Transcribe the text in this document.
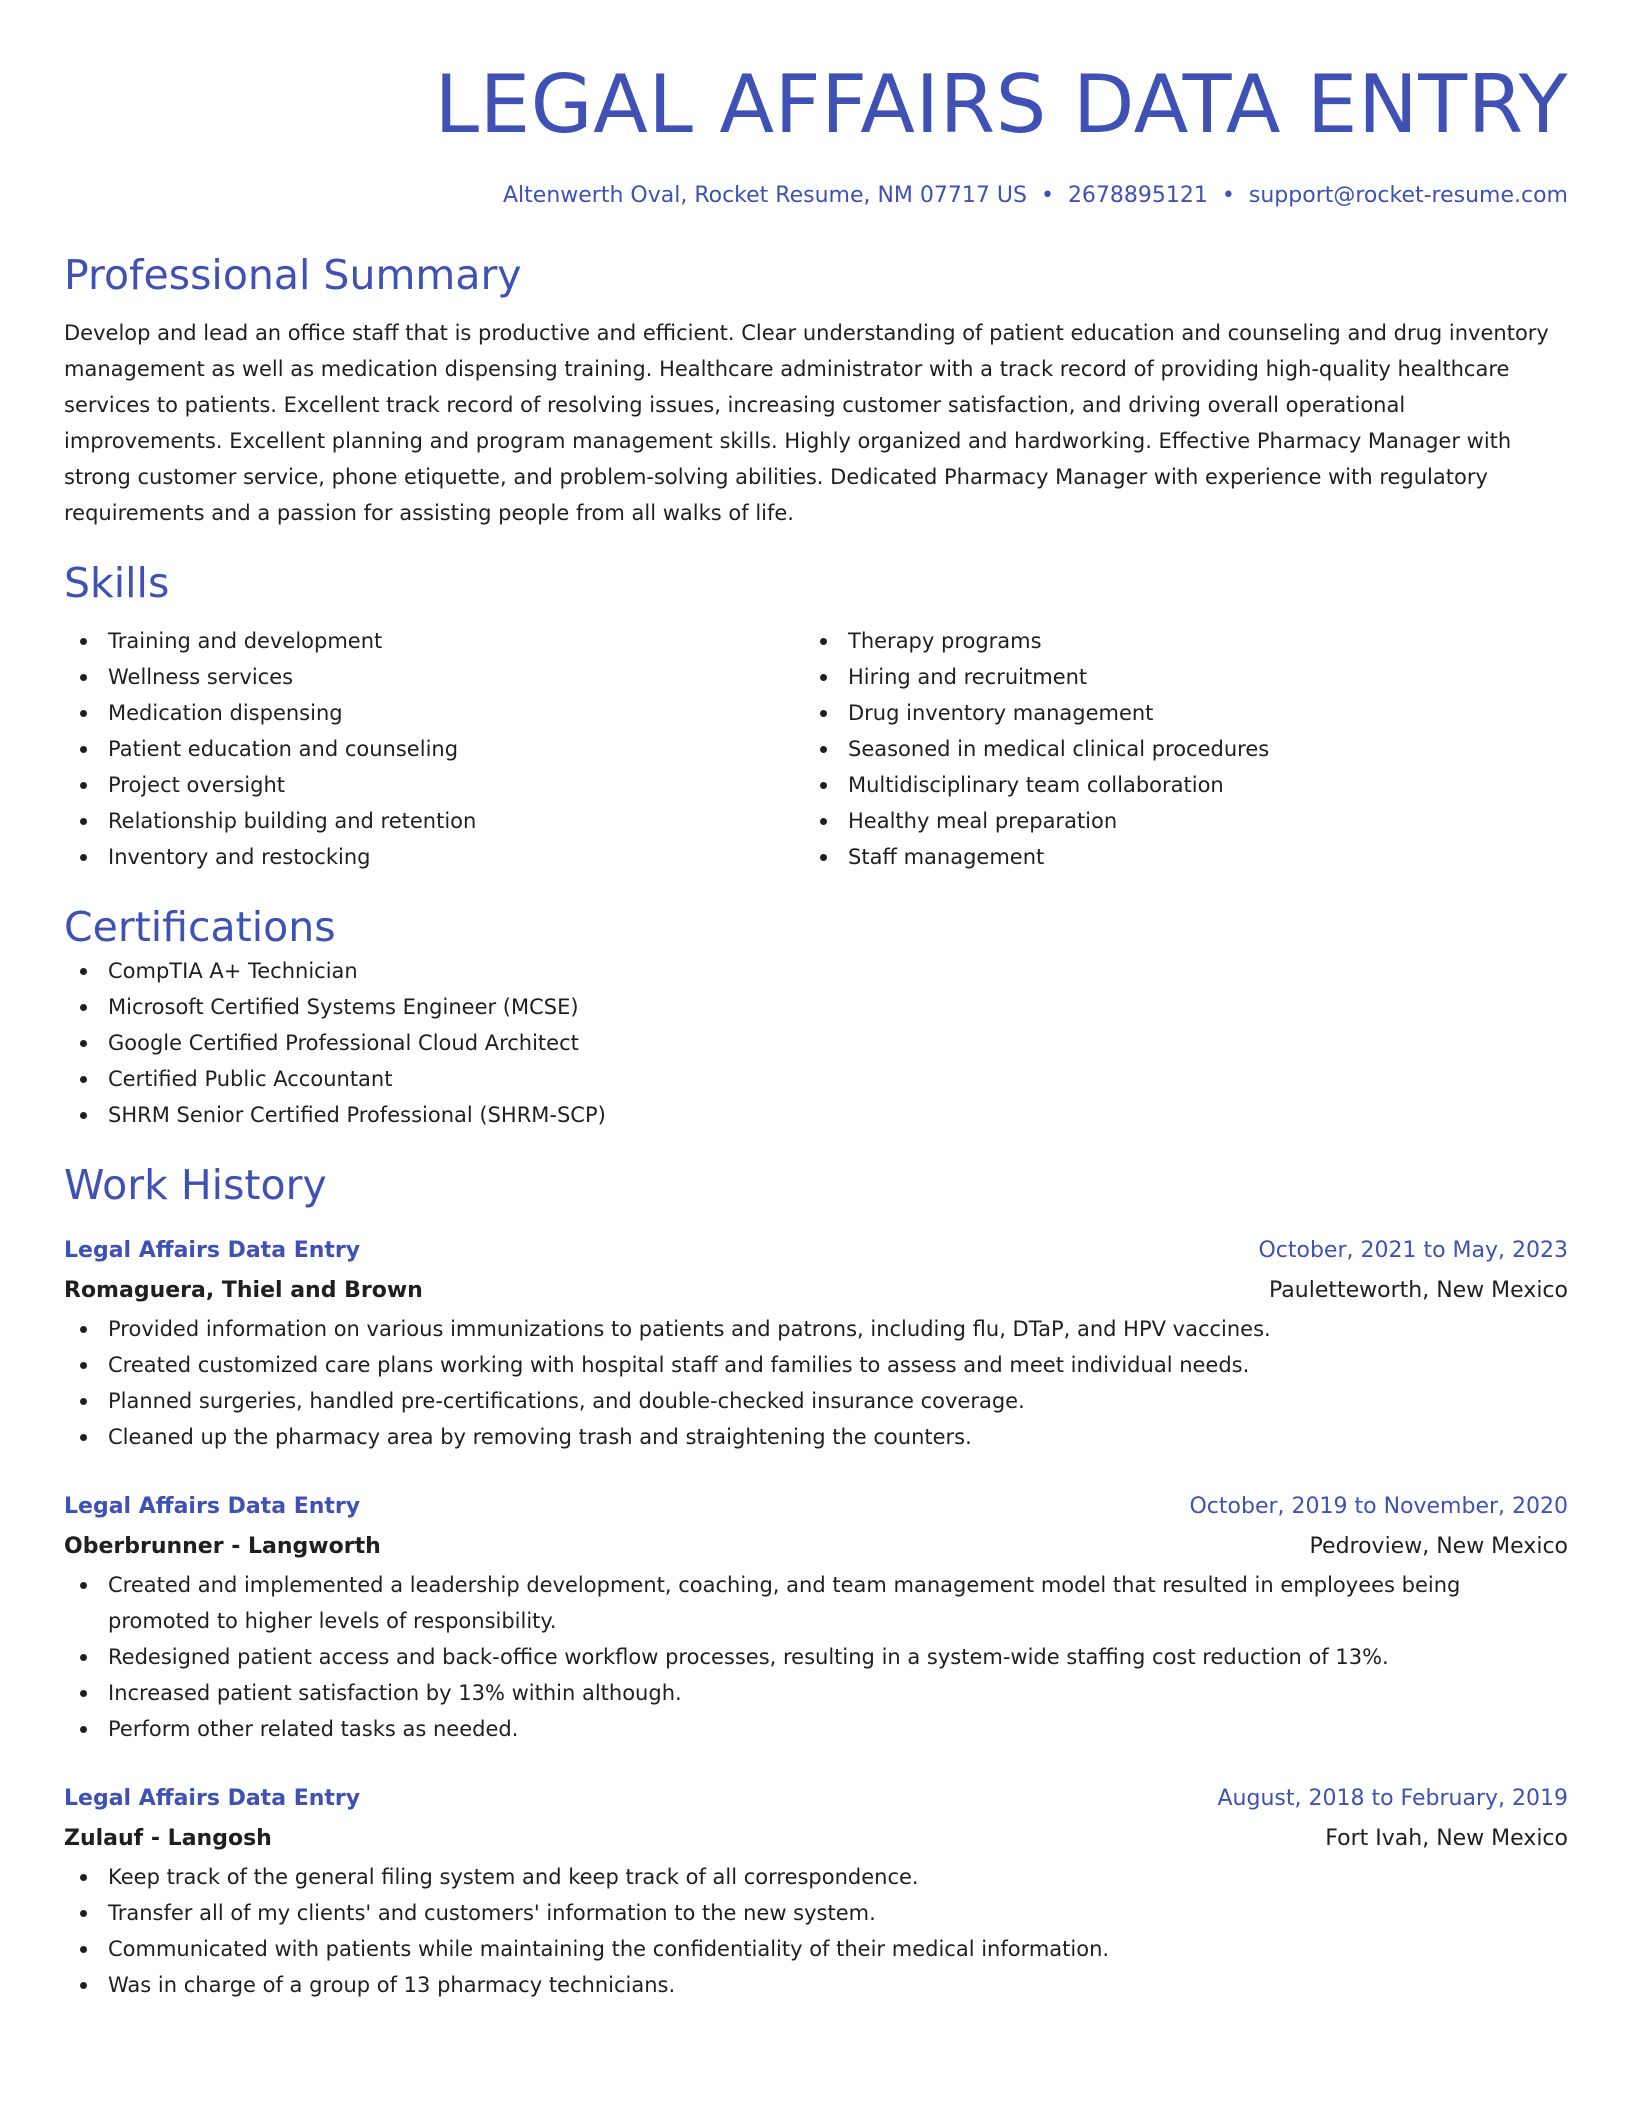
LEGAL AFFAIRS DATA ENTRY
Altenwerth Oval, Rocket Resume, NM 07717 US • 2678895121 • support@rocket-resume.com
Professional Summary

Develop and lead an office staff that is productive and efficient. Clear understanding of patient education and counseling and drug inventory management as well as medication dispensing training. Healthcare administrator with a track record of providing high-quality healthcare services to patients. Excellent track record of resolving issues, increasing customer satisfaction, and driving overall operational improvements. Excellent planning and program management skills. Highly organized and hardworking. Effective Pharmacy Manager with strong customer service, phone etiquette, and problem-solving abilities. Dedicated Pharmacy Manager with experience with regulatory requirements and a passion for assisting people from all walks of life.

Skills
Training and development
Wellness services
Medication dispensing
Patient education and counseling
Project oversight
Relationship building and retention
Inventory and restocking
Therapy programs
Hiring and recruitment
Drug inventory management
Seasoned in medical clinical procedures
Multidisciplinary team collaboration
Healthy meal preparation
Staff management
Certifications
CompTIA A+ Technician
Microsoft Certified Systems Engineer (MCSE)
Google Certified Professional Cloud Architect
Certified Public Accountant
SHRM Senior Certified Professional (SHRM-SCP)
Work History
Legal Affairs Data Entry	October, 2021 to May, 2023
Romaguera, Thiel and Brown	Pauletteworth, New Mexico
Provided information on various immunizations to patients and patrons, including flu, DTaP, and HPV vaccines.
Created customized care plans working with hospital staff and families to assess and meet individual needs.
Planned surgeries, handled pre-certifications, and double-checked insurance coverage.
Cleaned up the pharmacy area by removing trash and straightening the counters.
Legal Affairs Data Entry	October, 2019 to November, 2020
Oberbrunner - Langworth	Pedroview, New Mexico
Created and implemented a leadership development, coaching, and team management model that resulted in employees being promoted to higher levels of responsibility.
Redesigned patient access and back-office workflow processes, resulting in a system-wide staffing cost reduction of 13%.
Increased patient satisfaction by 13% within although.
Perform other related tasks as needed.
Legal Affairs Data Entry	August, 2018 to February, 2019
Zulauf - Langosh	Fort Ivah, New Mexico
Keep track of the general filing system and keep track of all correspondence.
Transfer all of my clients' and customers' information to the new system.
Communicated with patients while maintaining the confidentiality of their medical information.
Was in charge of a group of 13 pharmacy technicians.
